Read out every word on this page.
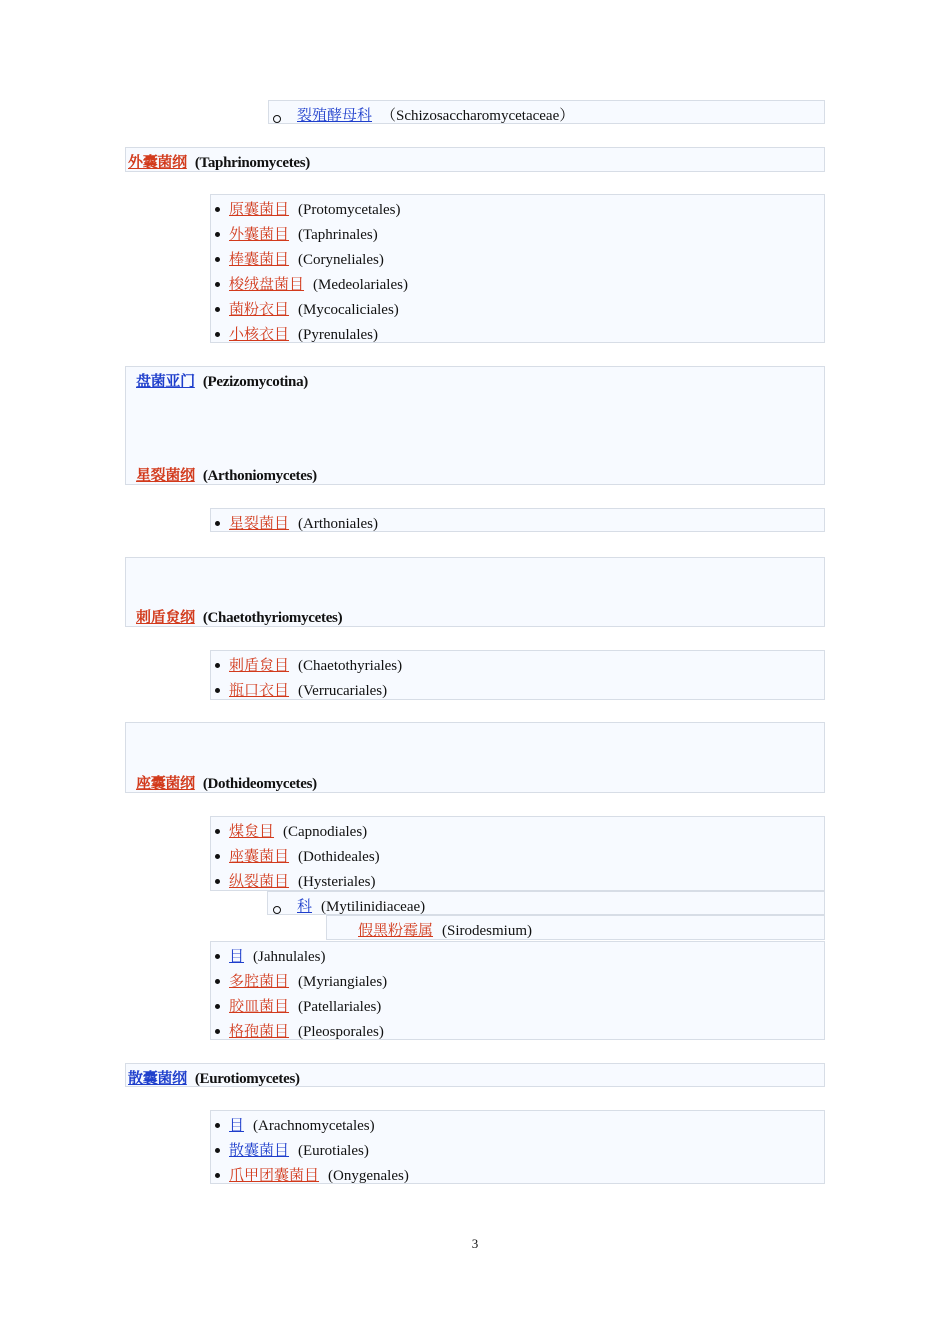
裂殖酵母科 （Schizosaccharomycetaceae）
外囊菌纲 (Taphrinomycetes)
原囊菌目 (Protomycetales)
外囊菌目 (Taphrinales)
棒囊菌目 (Coryneliales)
梭绒盘菌目 (Medeolariales)
菌粉衣目 (Mycocaliciales)
小核衣目 (Pyrenulales)
盘菌亚门 (Pezizomycotina)
星裂菌纲 (Arthoniomycetes)
星裂菌目 (Arthoniales)
刺盾炱纲 (Chaetothyriomycetes)
刺盾炱目 (Chaetothyriales)
瓶口衣目 (Verrucariales)
座囊菌纲 (Dothideomycetes)
煤炱目 (Capnodiales)
座囊菌目 (Dothideales)
纵裂菌目 (Hysteriales)
科 (Mytilinidiaceae)
假黑粉霉属 (Sirodesmium)
目 (Jahnulales)
多腔菌目 (Myriangiales)
胶皿菌目 (Patellariales)
格孢菌目 (Pleosporales)
散囊菌纲 (Eurotiomycetes)
目 (Arachnomycetales)
散囊菌目 (Eurotiales)
爪甲团囊菌目 (Onygenales)
3
